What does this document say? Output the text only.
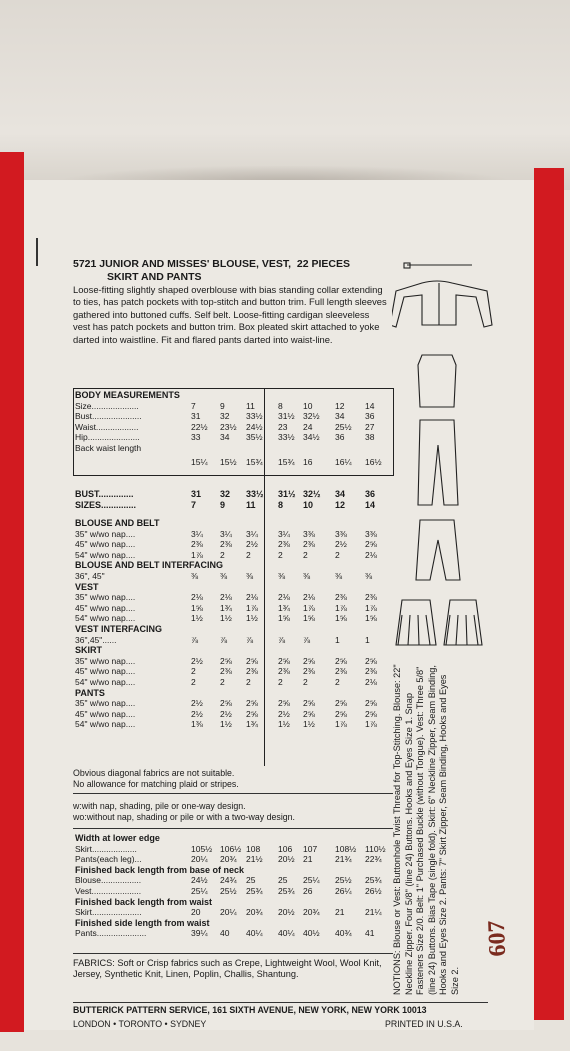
5721 JUNIOR AND MISSES' BLOUSE, VEST, 22 PIECES
SKIRT AND PANTS
Loose-fitting slightly shaped overblouse with bias standing collar extending to ties, has patch pockets with top-stitch and button trim. Full length sleeves gathered into buttoned cuffs. Self belt. Loose-fitting cardigan sleeveless vest has patch pockets and button trim. Box pleated skirt attached to yoke darted into waistline. Fit and flared pants darted into waist-line.
Obvious diagonal fabrics are not suitable.
No allowance for matching plaid or stripes.
w:with nap, shading, pile or one-way design.
wo:without nap, shading or pile or with a two-way design.
FABRICS: Soft or Crisp fabrics such as Crepe, Lightweight Wool, Wool Knit, Jersey, Synthetic Knit, Linen, Poplin, Challis, Shantung.
BUTTERICK PATTERN SERVICE, 161 SIXTH AVENUE, NEW YORK, NEW YORK 10013
LONDON • TORONTO • SYDNEY	PRINTED IN U.S.A.
NOTIONS: Blouse or Vest: Buttonhole Twist Thread for Top-Stitching. Blouse: 22" Neckline Zipper. Four 5/8" (line 24) Buttons. Hooks and Eyes Size 1. Snap Fasteners Size 2/0. Belt: 1" Purchased Buckle (without Tongue). Vest: Three 5/8" (line 24) Buttons. Bias Tape (single fold). Skirt: 6" Neckline Zipper, Seam Binding, Hooks and Eyes Size 2. Pants: 7" Skirt Zipper, Seam Binding, Hooks and Eyes Size 2.
607
BODY MEASUREMENTS
Size....................	7	9	11	8 10	12 14
Bust.....................	31 32 33½ 31½ 32½ 34 36
Waist..................	22½ 23½ 24½ 23 24	25½ 27
Hip......................	33 34 35½ 33½ 34½ 36 38
Back waist length
15¼ 15½ 15¾ 15¾ 16	16¼ 16½
BUST..............	31 32 33½ 31½ 32½ 34 36
SIZES..............	7	9 11 8 10 12 14
BLOUSE AND BELT
35" w/wo nap....	3¼ 3¼ 3¼ 3¼ 3⅜ 3⅜ 3⅜
45" w/wo nap....	2⅜ 2⅜ 2½ 2⅜ 2⅜ 2½ 2⅝
54" w/wo nap....	1⅞ 2	2	2 2	2	2⅛
BLOUSE AND BELT INTERFACING
36", 45"	⅜	⅜ ⅜	⅜ ⅜	⅜	⅜
VEST
35" w/wo nap....	2⅛ 2⅛ 2⅛ 2⅛ 2⅛ 2⅜ 2⅜
45" w/wo nap....	1⅝ 1¾ 1⅞ 1¾ 1⅞ 1⅞ 1⅞
54" w/wo nap....	1½ 1½ 1½ 1⅝ 1⅝ 1⅝ 1⅝
VEST INTERFACING
36",45"......	⅞	⅞ ⅞	⅞ ⅞	1	1
SKIRT
35" w/wo nap....	2½ 2⅝ 2⅝ 2⅝ 2⅝ 2⅝ 2⅝
45" w/wo nap....	2	2⅜ 2⅜ 2⅜ 2⅜ 2⅜ 2⅜
54" w/wo nap....	2	2	2	2 2	2	2⅛
PANTS
35" w/wo nap....	2½ 2⅝ 2⅝ 2⅝ 2⅝ 2⅝ 2⅝
45" w/wo nap....	2½ 2½ 2⅝ 2½ 2⅝ 2⅝ 2⅝
54" w/wo nap....	1⅜ 1½ 1¾ 1½ 1½ 1⅞ 1⅞
Width at lower edge
Skirt...................	105½ 106½ 108 106 107 108½ 110½
Pants(each leg)...	20¼ 20¾ 21½ 20½ 21	21¾ 22¾
Finished back length from base of neck
Blouse.................	24½ 24¾ 25	25 25¼ 25½ 25¾
Vest.....................	25¼ 25½ 25¾ 25¾ 26	26¼ 26½
Finished back length from waist
Skirt.....................	20 20¼ 20¾ 20½ 20¾ 21 21¼
Finished side length from waist
Pants.....................	39¼ 40 40¼ 40¼ 40½ 40¾ 41
